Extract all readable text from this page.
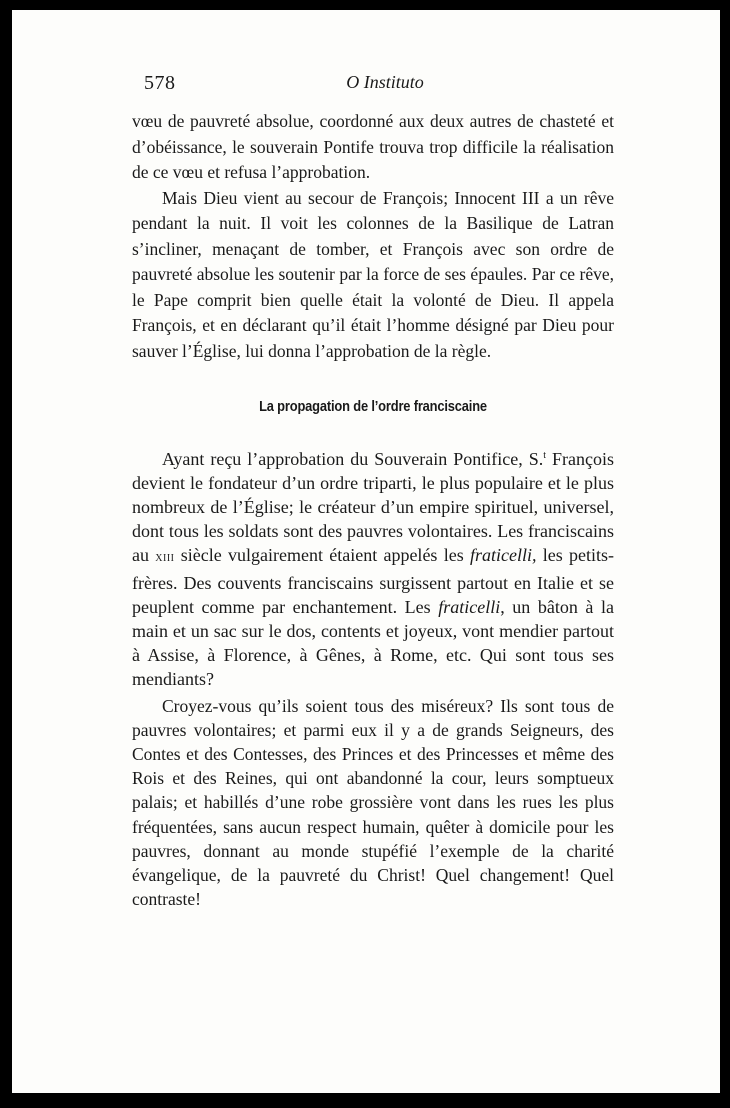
578	O Instituto

vœu de pauvreté absolue, coordonné aux deux autres de chasteté et d’obéissance, le souverain Pontife trouva trop difficile la réalisation de ce vœu et refusa l’approbation.

Mais Dieu vient au secour de François; Innocent III a un rêve pendant la nuit. Il voit les colonnes de la Basilique de Latran s’incliner, menaçant de tomber, et François avec son ordre de pauvreté absolue les soutenir par la force de ses épaules. Par ce rêve, le Pape comprit bien quelle était la volonté de Dieu. Il appela François, et en déclarant qu’il était l’homme désigné par Dieu pour sauver l’Église, lui donna l’approbation de la règle.

La propagation de l’ordre franciscaine

Ayant reçu l’approbation du Souverain Pontifice, S.$^t$ François devient le fondateur d’un ordre triparti, le plus populaire et le plus nombreux de l’Église; le créateur d’un empire spirituel, universel, dont tous les soldats sont des pauvres volontaires. Les franciscains au xiii siècle vulgairement étaient appelés les fraticelli, les petits-frères. Des couvents franciscains surgissent partout en Italie et se peuplent comme par enchantement. Les fraticelli, un bâton à la main et un sac sur le dos, contents et joyeux, vont mendier partout à Assise, à Florence, à Gênes, à Rome, etc. Qui sont tous ses mendiants?

Croyez-vous qu’ils soient tous des miséreux? Ils sont tous de pauvres volontaires; et parmi eux il y a de grands Seigneurs, des Contes et des Contesses, des Princes et des Princesses et même des Rois et des Reines, qui ont abandonné la cour, leurs somptueux palais; et habillés d’une robe grossière vont dans les rues les plus fréquentées, sans aucun respect humain, quêter à domicile pour les pauvres, donnant au monde stupéfié l’exemple de la charité évangelique, de la pauvreté du Christ! Quel changement! Quel contraste!
